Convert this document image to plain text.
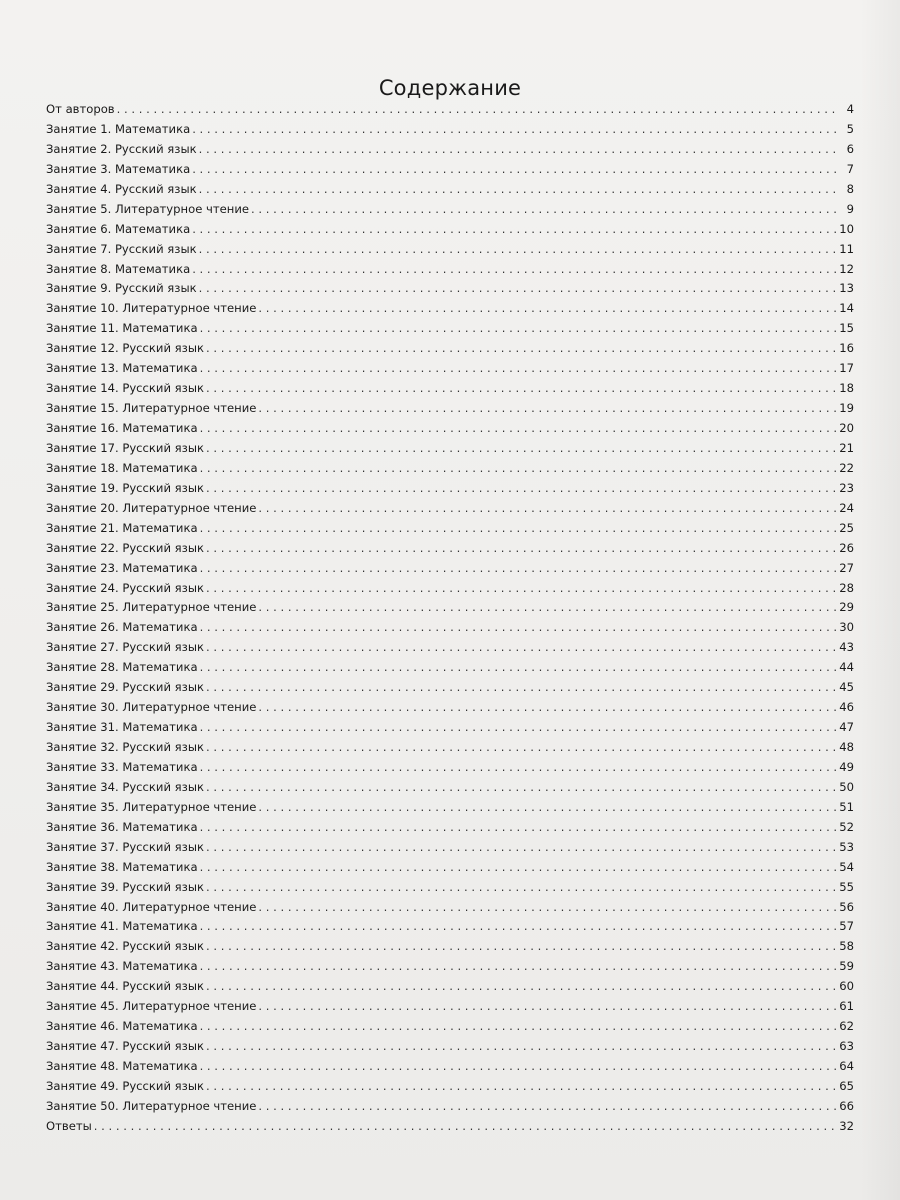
Содержание
От авторов . . .	4
Занятие 1. Математика . . .	5
Занятие 2. Русский язык . . .	6
Занятие 3. Математика . . .	7
Занятие 4. Русский язык . . .	8
Занятие 5. Литературное чтение . . .	9
Занятие 6. Математика . . .	10
Занятие 7. Русский язык . . .	11
Занятие 8. Математика . . .	12
Занятие 9. Русский язык . . .	13
Занятие 10. Литературное чтение . . .	14
Занятие 11. Математика . . .	15
Занятие 12. Русский язык . . .	16
Занятие 13. Математика . . .	17
Занятие 14. Русский язык . . .	18
Занятие 15. Литературное чтение . . .	19
Занятие 16. Математика . . .	20
Занятие 17. Русский язык . . .	21
Занятие 18. Математика . . .	22
Занятие 19. Русский язык . . .	23
Занятие 20. Литературное чтение . . .	24
Занятие 21. Математика . . .	25
Занятие 22. Русский язык . . .	26
Занятие 23. Математика . . .	27
Занятие 24. Русский язык . . .	28
Занятие 25. Литературное чтение . . .	29
Занятие 26. Математика . . .	30
Занятие 27. Русский язык . . .	43
Занятие 28. Математика . . .	44
Занятие 29. Русский язык . . .	45
Занятие 30. Литературное чтение . . .	46
Занятие 31. Математика . . .	47
Занятие 32. Русский язык . . .	48
Занятие 33. Математика . . .	49
Занятие 34. Русский язык . . .	50
Занятие 35. Литературное чтение . . .	51
Занятие 36. Математика . . .	52
Занятие 37. Русский язык . . .	53
Занятие 38. Математика . . .	54
Занятие 39. Русский язык . . .	55
Занятие 40. Литературное чтение . . .	56
Занятие 41. Математика . . .	57
Занятие 42. Русский язык . . .	58
Занятие 43. Математика . . .	59
Занятие 44. Русский язык . . .	60
Занятие 45. Литературное чтение . . .	61
Занятие 46. Математика . . .	62
Занятие 47. Русский язык . . .	63
Занятие 48. Математика . . .	64
Занятие 49. Русский язык . . .	65
Занятие 50. Литературное чтение . . .	66
Ответы . . .	32
